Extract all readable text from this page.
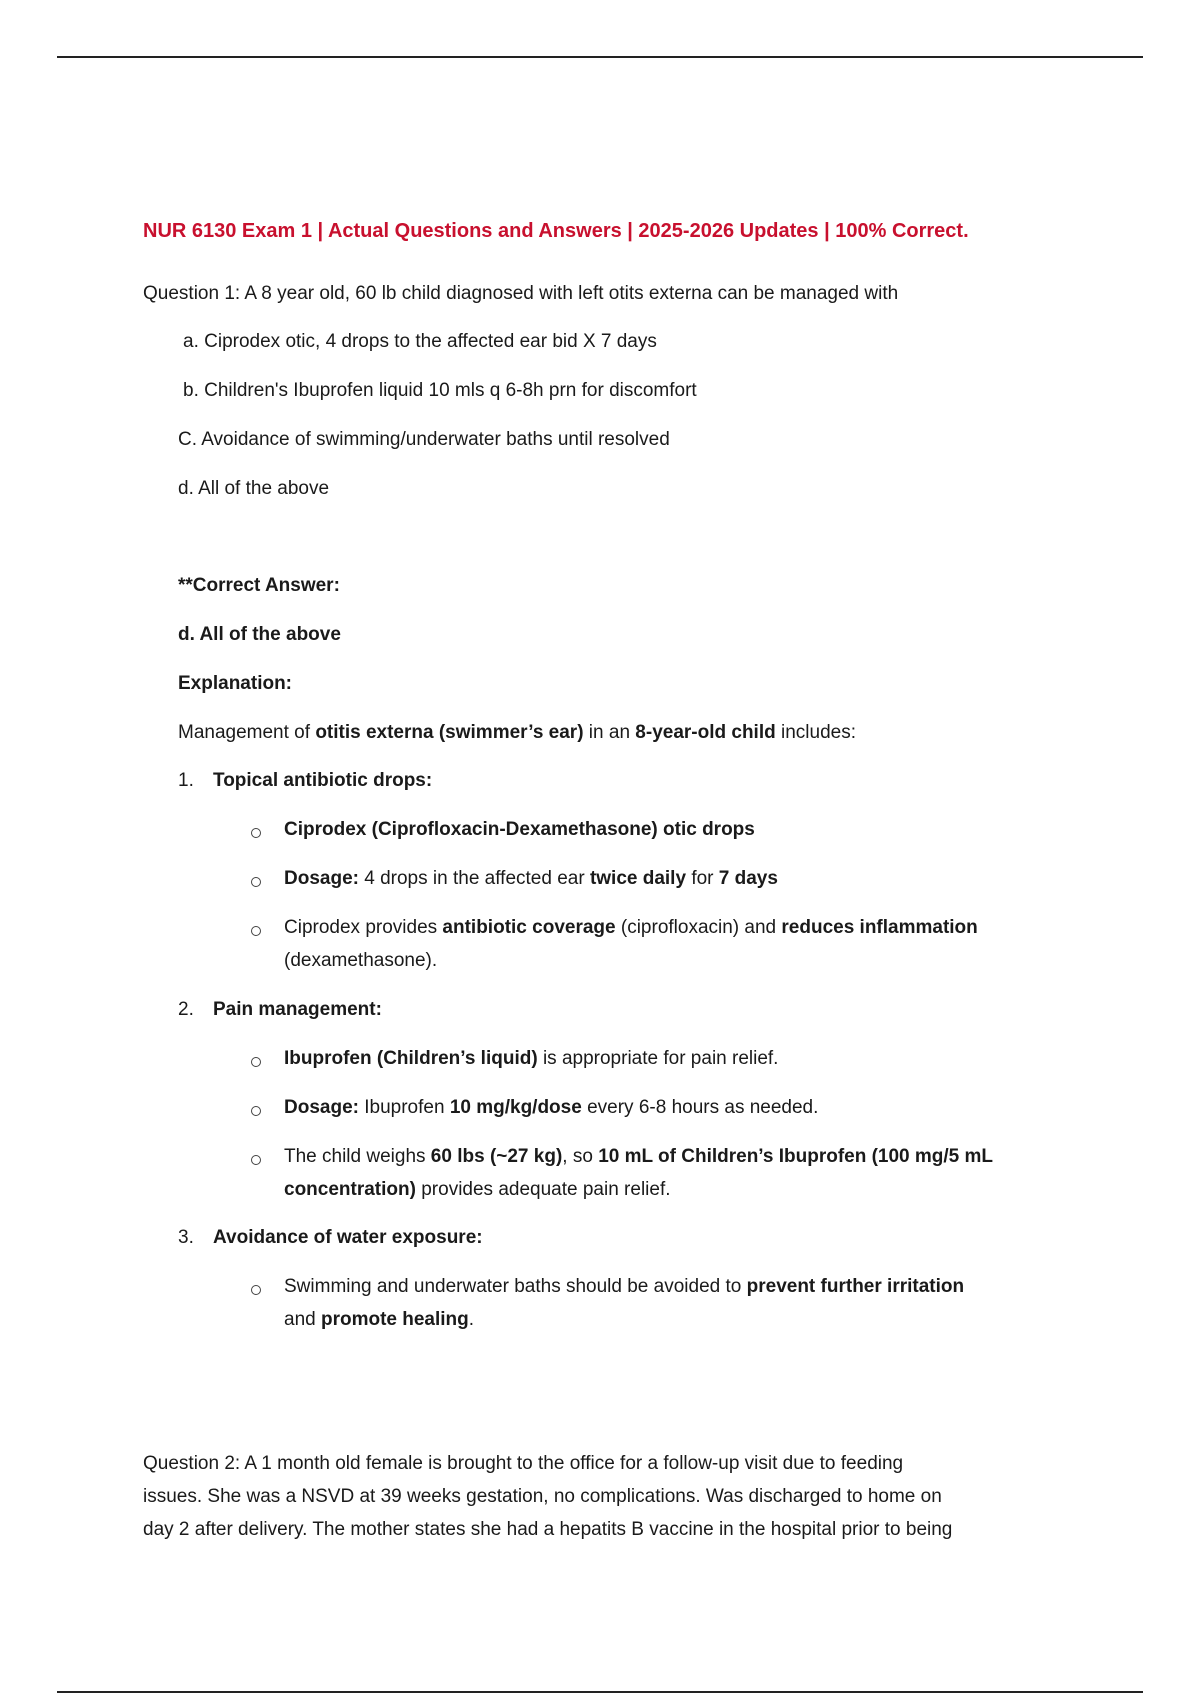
NUR 6130 Exam 1 | Actual Questions and Answers | 2025-2026 Updates | 100% Correct.
Question 1: A 8 year old, 60 lb child diagnosed with left otits externa can be managed with
a. Ciprodex otic, 4 drops to the affected ear bid X 7 days
b. Children's Ibuprofen liquid 10 mls q 6-8h prn for discomfort
C. Avoidance of swimming/underwater baths until resolved
d. All of the above
**Correct Answer:
d. All of the above
Explanation:
Management of otitis externa (swimmer’s ear) in an 8-year-old child includes:
1. Topical antibiotic drops:
Ciprodex (Ciprofloxacin-Dexamethasone) otic drops
Dosage: 4 drops in the affected ear twice daily for 7 days
Ciprodex provides antibiotic coverage (ciprofloxacin) and reduces inflammation
(dexamethasone).
2. Pain management:
Ibuprofen (Children’s liquid) is appropriate for pain relief.
Dosage: Ibuprofen 10 mg/kg/dose every 6-8 hours as needed.
The child weighs 60 lbs (~27 kg), so 10 mL of Children’s Ibuprofen (100 mg/5 mL
concentration) provides adequate pain relief.
3. Avoidance of water exposure:
Swimming and underwater baths should be avoided to prevent further irritation
and promote healing.
Question 2: A 1 month old female is brought to the office for a follow-up visit due to feeding
issues. She was a NSVD at 39 weeks gestation, no complications. Was discharged to home on
day 2 after delivery. The mother states she had a hepatits B vaccine in the hospital prior to being
